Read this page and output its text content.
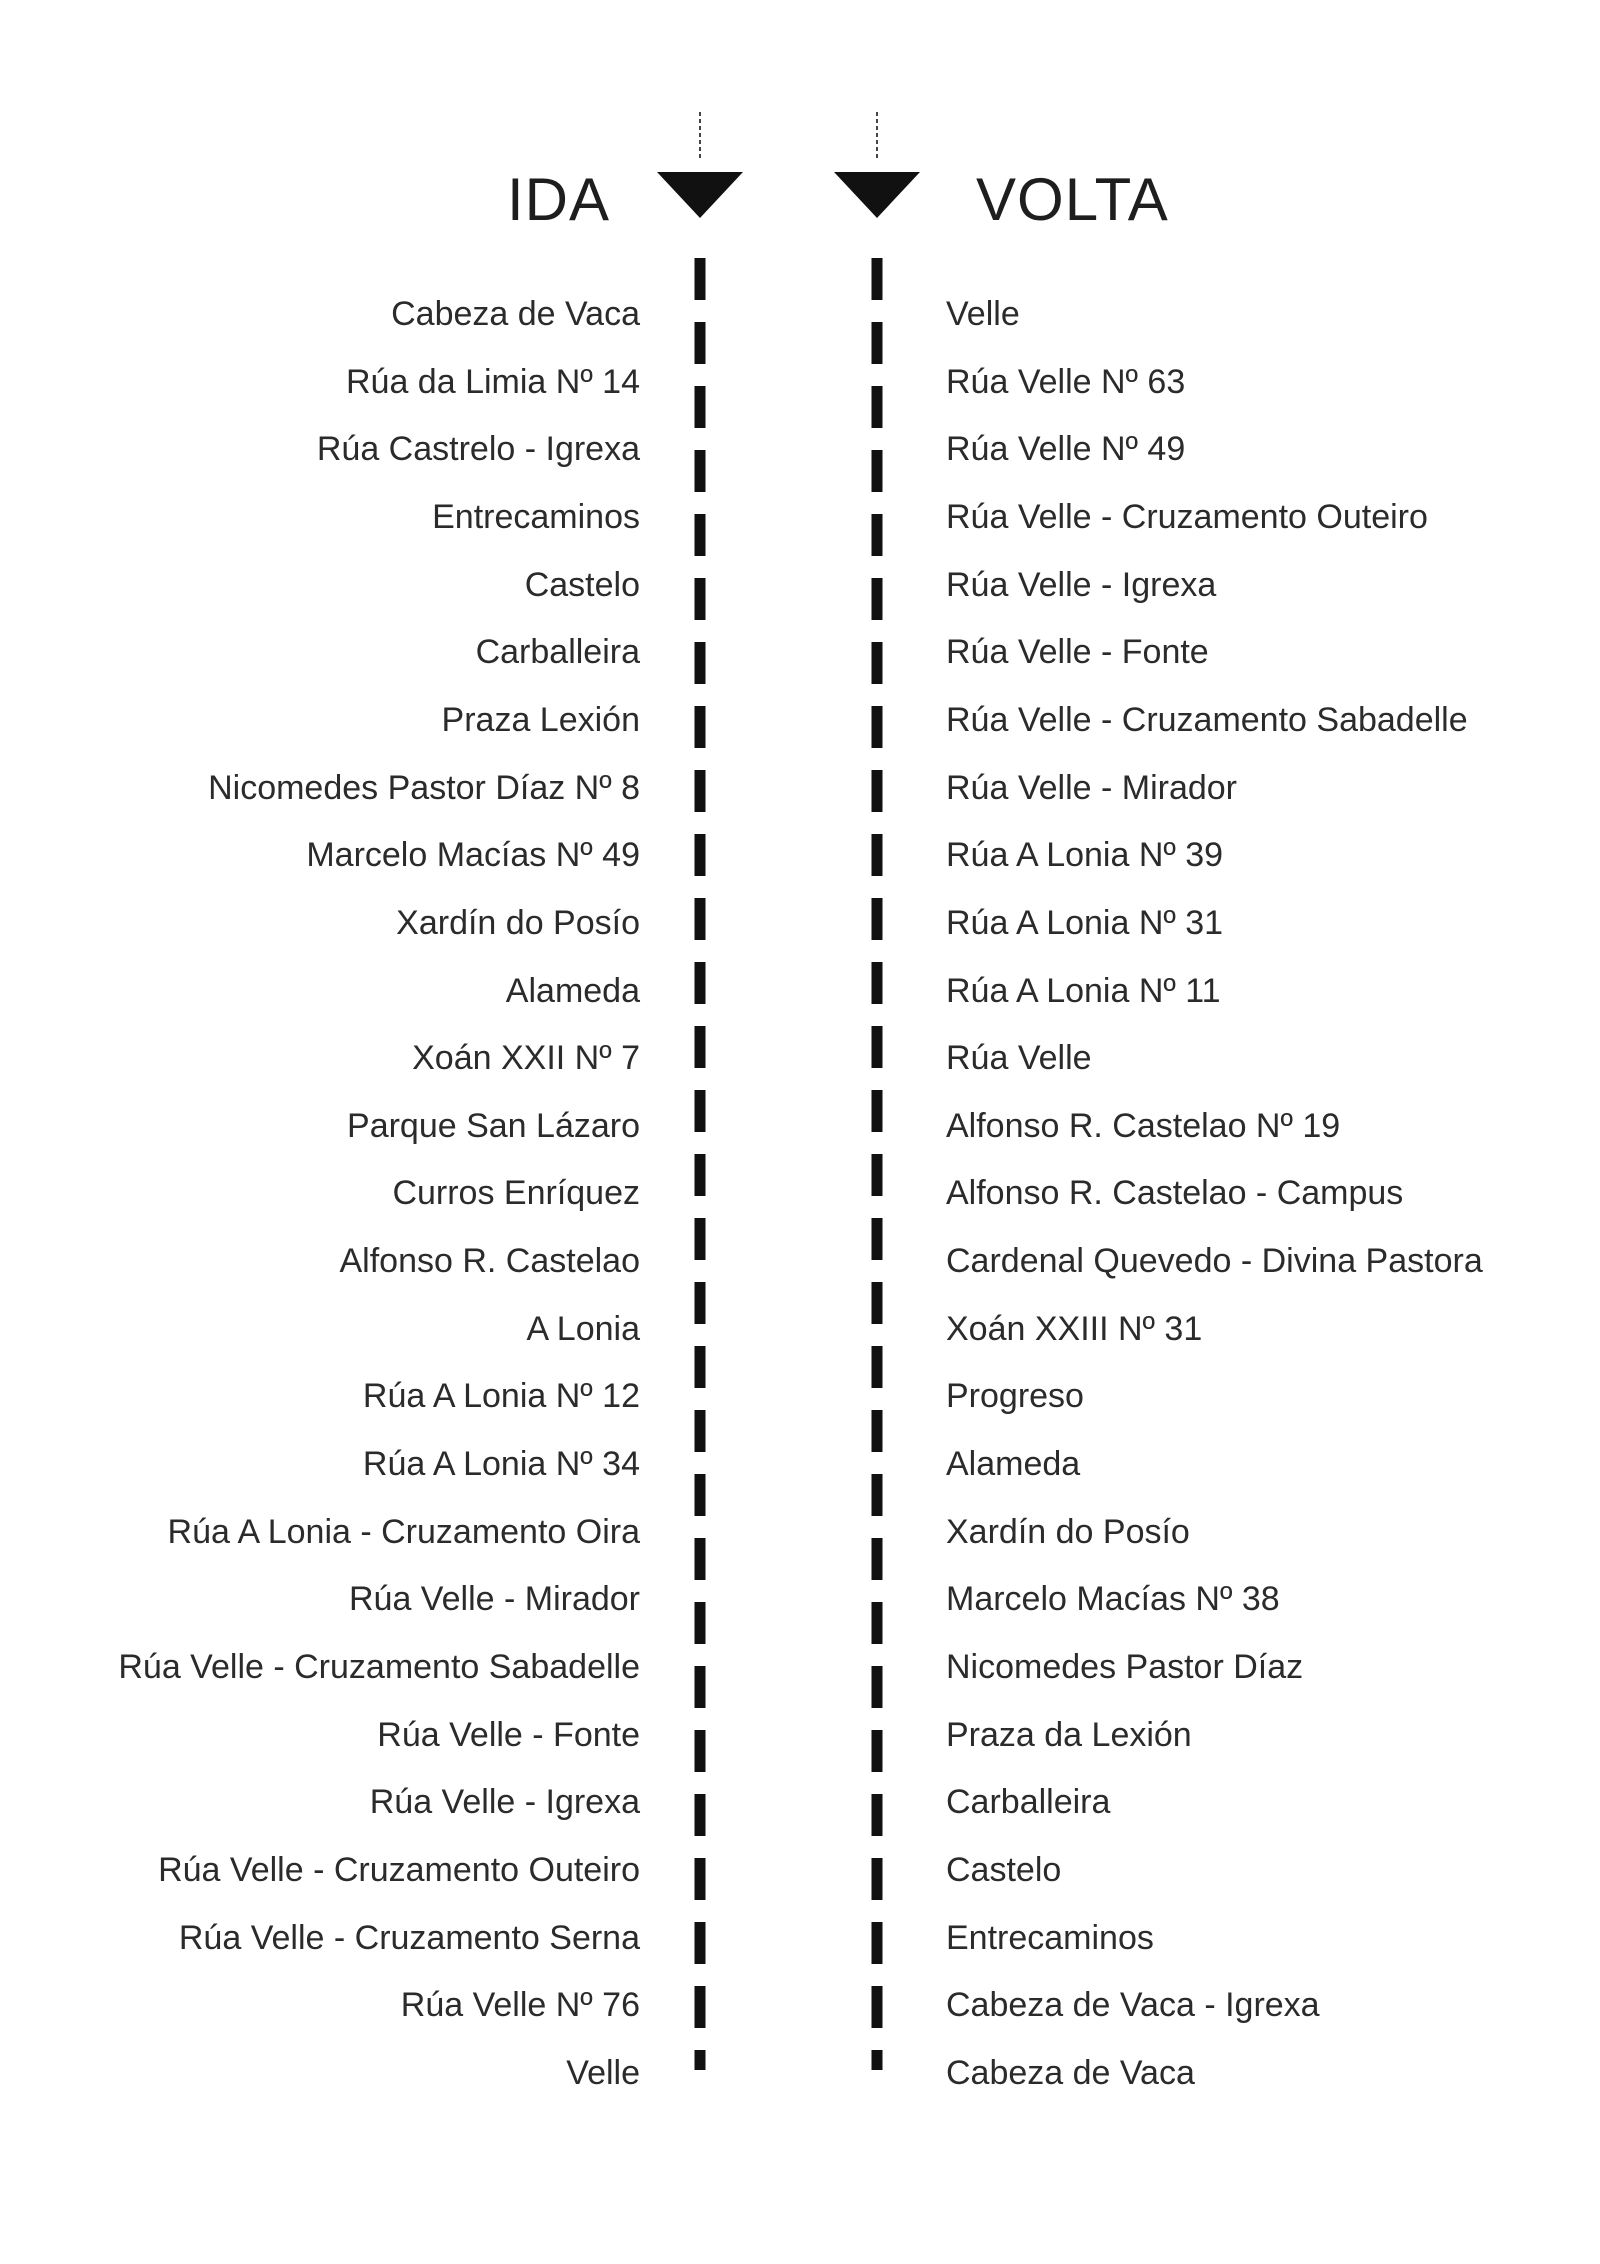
IDA	VOLTA
Cabeza de Vaca
Rúa da Limia Nº 14
Rúa Castrelo - Igrexa
Entrecaminos
Castelo
Carballeira
Praza Lexión
Nicomedes Pastor Díaz Nº 8
Marcelo Macías Nº 49
Xardín do Posío
Alameda
Xoán XXII Nº 7
Parque San Lázaro
Curros Enríquez
Alfonso R. Castelao
A Lonia
Rúa A Lonia Nº 12
Rúa A Lonia Nº 34
Rúa A Lonia - Cruzamento Oira
Rúa Velle - Mirador
Rúa Velle - Cruzamento Sabadelle
Rúa Velle - Fonte
Rúa Velle - Igrexa
Rúa Velle - Cruzamento Outeiro
Rúa Velle - Cruzamento Serna
Rúa Velle Nº 76
Velle
Velle
Rúa Velle Nº 63
Rúa Velle Nº 49
Rúa Velle - Cruzamento Outeiro
Rúa Velle - Igrexa
Rúa Velle - Fonte
Rúa Velle - Cruzamento Sabadelle
Rúa Velle - Mirador
Rúa A Lonia Nº 39
Rúa A Lonia Nº 31
Rúa A Lonia Nº 11
Rúa Velle
Alfonso R. Castelao Nº 19
Alfonso R. Castelao - Campus
Cardenal Quevedo - Divina Pastora
Xoán XXIII Nº 31
Progreso
Alameda
Xardín do Posío
Marcelo Macías Nº 38
Nicomedes Pastor Díaz
Praza da Lexión
Carballeira
Castelo
Entrecaminos
Cabeza de Vaca - Igrexa
Cabeza de Vaca
